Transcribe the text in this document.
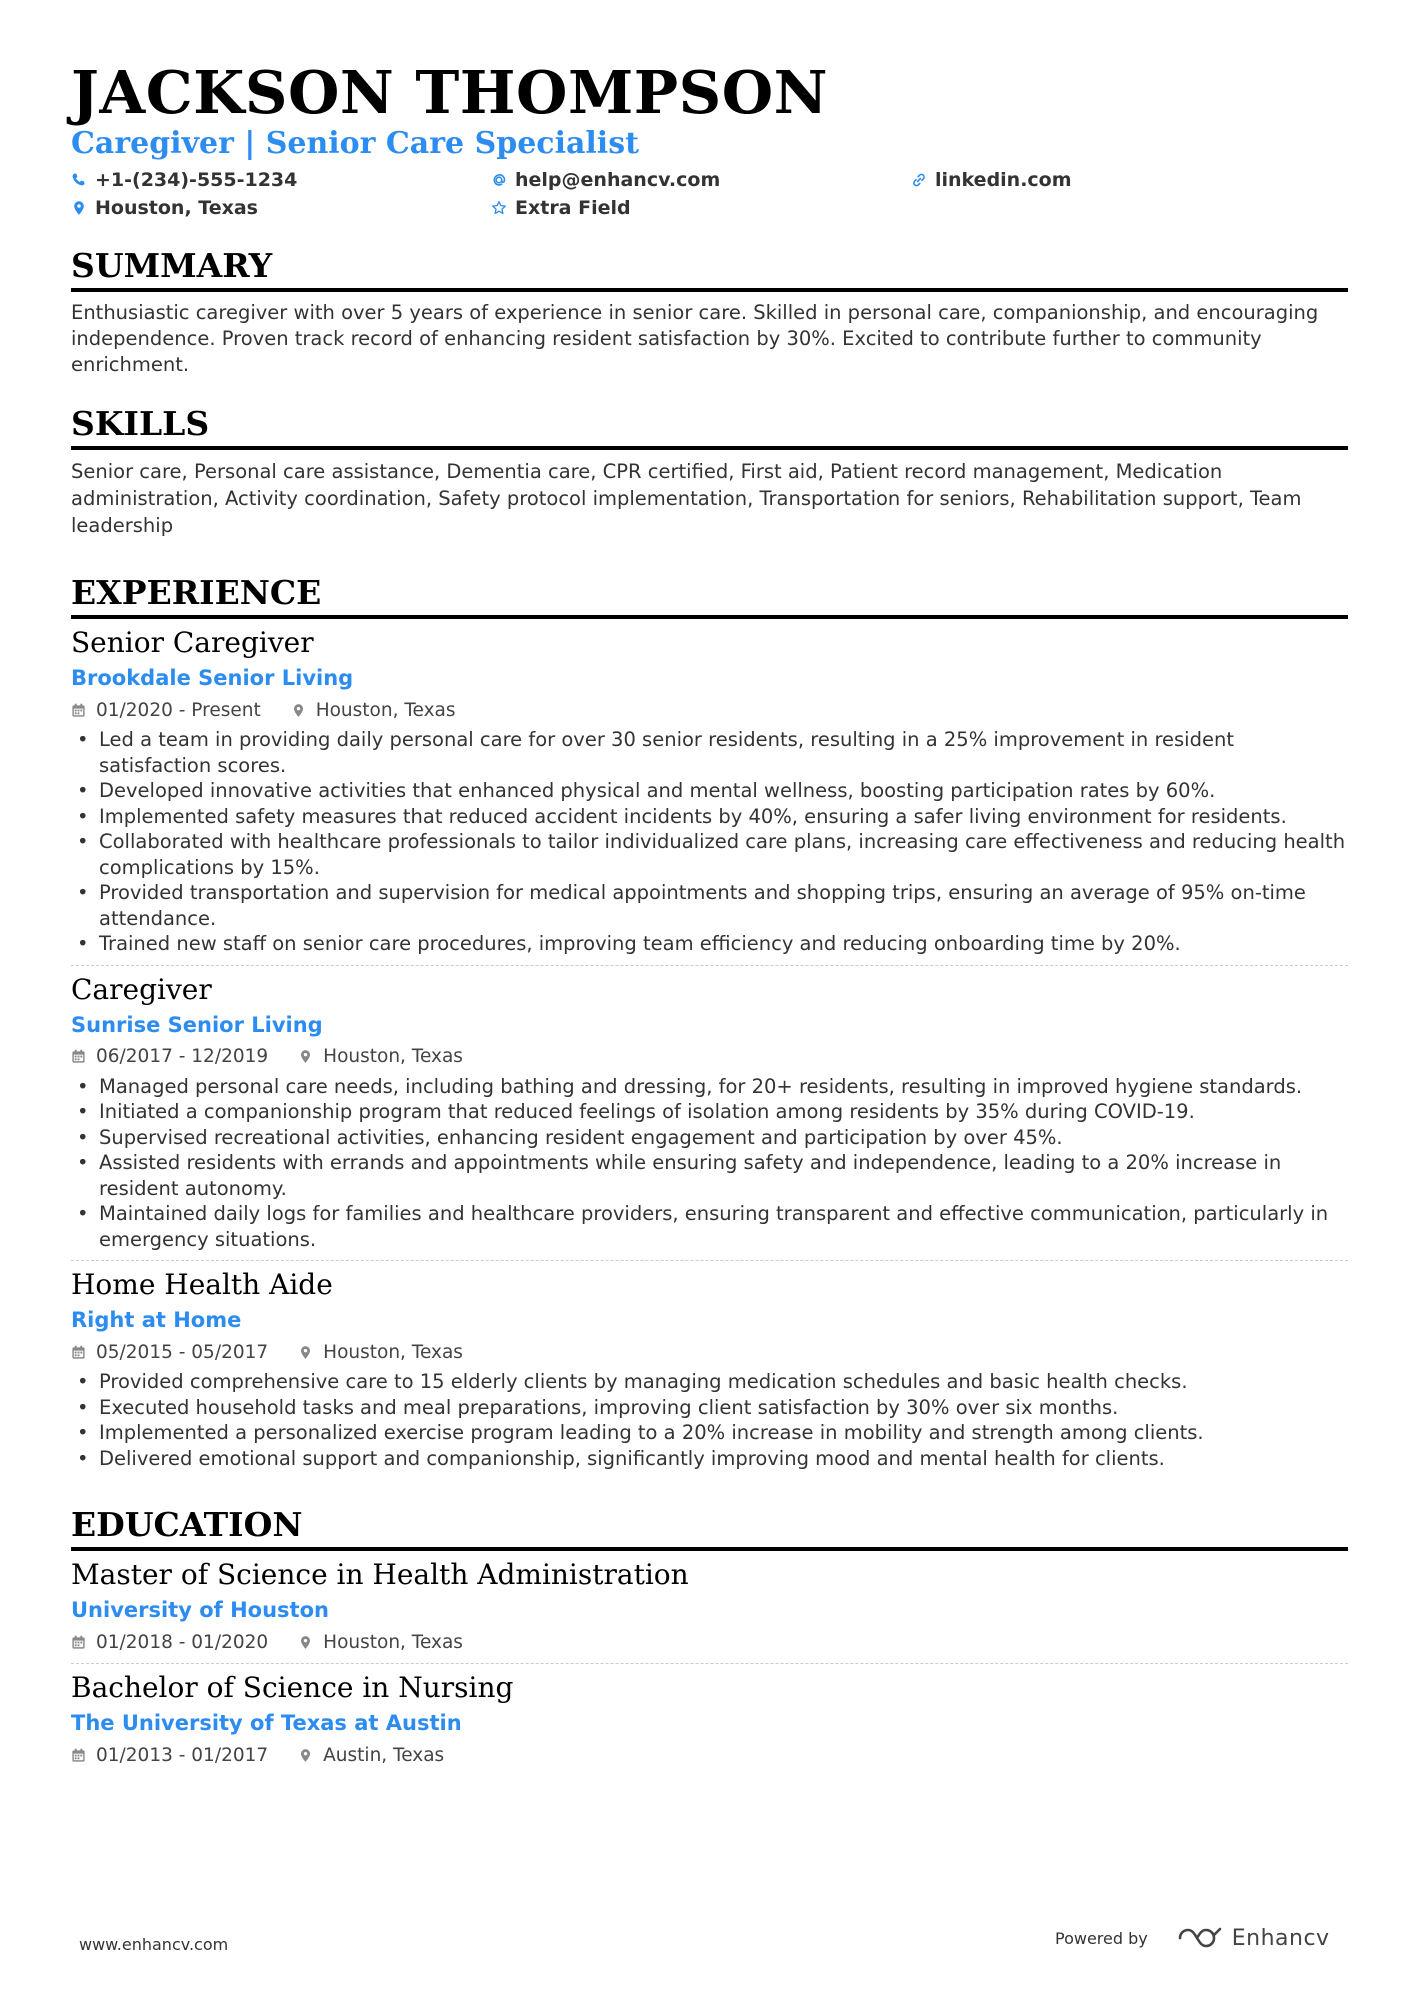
JACKSON THOMPSON
Caregiver | Senior Care Specialist
+1-(234)-555-1234	help@enhancv.com	linkedin.com
Houston, Texas	Extra Field
SUMMARY
Enthusiastic caregiver with over 5 years of experience in senior care. Skilled in personal care, companionship, and encouraging independence. Proven track record of enhancing resident satisfaction by 30%. Excited to contribute further to community enrichment.
SKILLS
Senior care, Personal care assistance, Dementia care, CPR certified, First aid, Patient record management, Medication administration, Activity coordination, Safety protocol implementation, Transportation for seniors, Rehabilitation support, Team leadership
EXPERIENCE
Senior Caregiver
Brookdale Senior Living
01/2020 - Present	Houston, Texas
• Led a team in providing daily personal care for over 30 senior residents, resulting in a 25% improvement in resident satisfaction scores.
• Developed innovative activities that enhanced physical and mental wellness, boosting participation rates by 60%.
• Implemented safety measures that reduced accident incidents by 40%, ensuring a safer living environment for residents.
• Collaborated with healthcare professionals to tailor individualized care plans, increasing care effectiveness and reducing health complications by 15%.
• Provided transportation and supervision for medical appointments and shopping trips, ensuring an average of 95% on-time attendance.
• Trained new staff on senior care procedures, improving team efficiency and reducing onboarding time by 20%.
Caregiver
Sunrise Senior Living
06/2017 - 12/2019	Houston, Texas
• Managed personal care needs, including bathing and dressing, for 20+ residents, resulting in improved hygiene standards.
• Initiated a companionship program that reduced feelings of isolation among residents by 35% during COVID-19.
• Supervised recreational activities, enhancing resident engagement and participation by over 45%.
• Assisted residents with errands and appointments while ensuring safety and independence, leading to a 20% increase in resident autonomy.
• Maintained daily logs for families and healthcare providers, ensuring transparent and effective communication, particularly in emergency situations.
Home Health Aide
Right at Home
05/2015 - 05/2017	Houston, Texas
• Provided comprehensive care to 15 elderly clients by managing medication schedules and basic health checks.
• Executed household tasks and meal preparations, improving client satisfaction by 30% over six months.
• Implemented a personalized exercise program leading to a 20% increase in mobility and strength among clients.
• Delivered emotional support and companionship, significantly improving mood and mental health for clients.
EDUCATION
Master of Science in Health Administration
University of Houston
01/2018 - 01/2020	Houston, Texas
Bachelor of Science in Nursing
The University of Texas at Austin
01/2013 - 01/2017	Austin, Texas
www.enhancv.com	Powered by	Enhancv
